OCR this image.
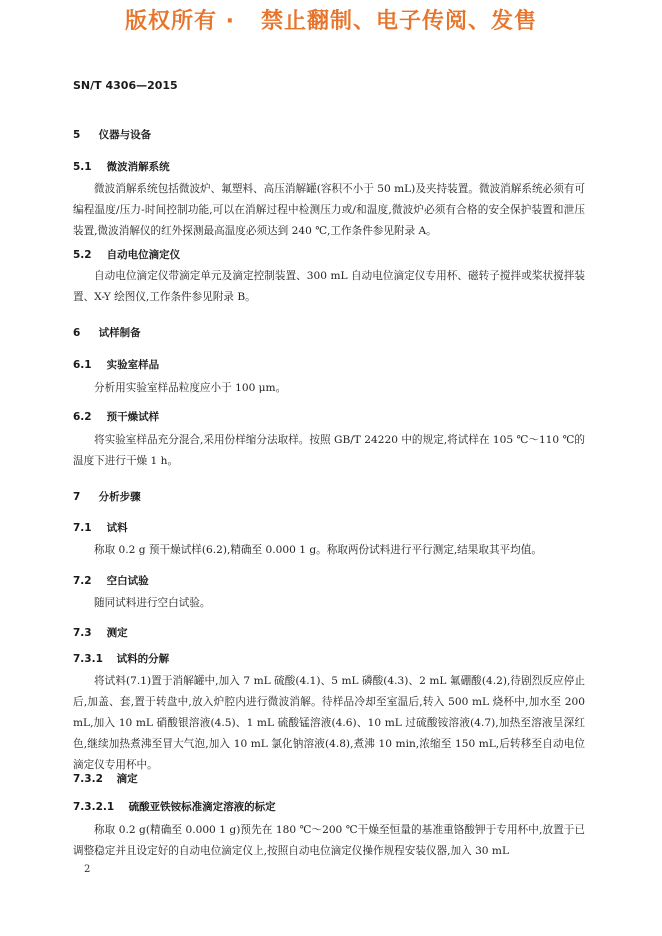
版权所有 ·   禁止翻制、电子传阅、发售
SN/T 4306—2015
5 仪器与设备
5.1 微波消解系统
微波消解系统包括微波炉、氟塑料、高压消解罐(容积不小于 50 mL)及夹持装置。微波消解系统必须有可编程温度/压力-时间控制功能,可以在消解过程中检测压力或/和温度,微波炉必须有合格的安全保护装置和泄压装置,微波消解仪的红外探测最高温度必须达到 240 ℃,工作条件参见附录 A。
5.2 自动电位滴定仪
自动电位滴定仪带滴定单元及滴定控制装置、300 mL 自动电位滴定仪专用杯、磁转子搅拌或桨状搅拌装置、X-Y 绘图仪,工作条件参见附录 B。
6 试样制备
6.1 实验室样品
分析用实验室样品粒度应小于 100 μm。
6.2 预干燥试样
将实验室样品充分混合,采用份样缩分法取样。按照 GB/T 24220 中的规定,将试样在 105 ℃～110 ℃的温度下进行干燥 1 h。
7 分析步骤
7.1 试料
称取 0.2 g 预干燥试样(6.2),精确至 0.000 1 g。称取两份试料进行平行测定,结果取其平均值。
7.2 空白试验
随同试料进行空白试验。
7.3 测定
7.3.1 试料的分解
将试料(7.1)置于消解罐中,加入 7 mL 硫酸(4.1)、5 mL 磷酸(4.3)、2 mL 氟硼酸(4.2),待剧烈反应停止后,加盖、套,置于转盘中,放入炉腔内进行微波消解。待样品冷却至室温后,转入 500 mL 烧杯中,加水至 200 mL,加入 10 mL 硝酸银溶液(4.5)、1 mL 硫酸锰溶液(4.6)、10 mL 过硫酸铵溶液(4.7),加热至溶液呈深红色,继续加热煮沸至冒大气泡,加入 10 mL 氯化钠溶液(4.8),煮沸 10 min,浓缩至 150 mL,后转移至自动电位滴定仪专用杯中。
7.3.2 滴定
7.3.2.1 硫酸亚铁铵标准滴定溶液的标定
称取 0.2 g(精确至 0.000 1 g)预先在 180 ℃～200 ℃干燥至恒量的基准重铬酸钾于专用杯中,放置于已调整稳定并且设定好的自动电位滴定仪上,按照自动电位滴定仪操作规程安装仪器,加入 30 mL
2
